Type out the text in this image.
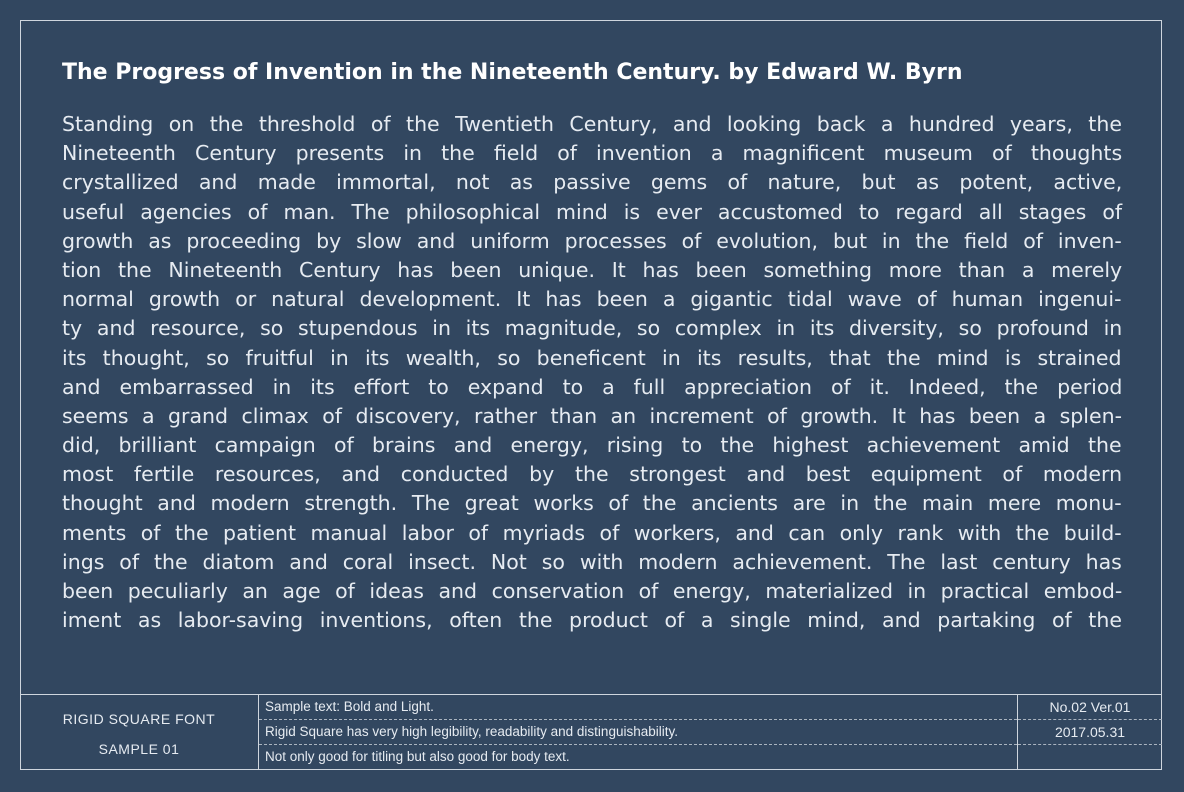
The Progress of Invention in the Nineteenth Century. by Edward W. Byrn
Standing on the threshold of the Twentieth Century, and looking back a hundred years, the
Nineteenth Century presents in the field of invention a magnificent museum of thoughts
crystallized and made immortal, not as passive gems of nature, but as potent, active,
useful agencies of man. The philosophical mind is ever accustomed to regard all stages of
growth as proceeding by slow and uniform processes of evolution, but in the field of inven-
tion the Nineteenth Century has been unique. It has been something more than a merely
normal growth or natural development. It has been a gigantic tidal wave of human ingenui-
ty and resource, so stupendous in its magnitude, so complex in its diversity, so profound in
its thought, so fruitful in its wealth, so beneficent in its results, that the mind is strained
and embarrassed in its effort to expand to a full appreciation of it. Indeed, the period
seems a grand climax of discovery, rather than an increment of growth. It has been a splen-
did, brilliant campaign of brains and energy, rising to the highest achievement amid the
most fertile resources, and conducted by the strongest and best equipment of modern
thought and modern strength. The great works of the ancients are in the main mere monu-
ments of the patient manual labor of myriads of workers, and can only rank with the build-
ings of the diatom and coral insect. Not so with modern achievement. The last century has
been peculiarly an age of ideas and conservation of energy, materialized in practical embod-
iment as labor-saving inventions, often the product of a single mind, and partaking of the
RIGID SQUARE FONT
SAMPLE 01
Sample text: Bold and Light.
Rigid Square has very high legibility, readability and distinguishability.
Not only good for titling but also good for body text.
No.02 Ver.01
2017.05.31
